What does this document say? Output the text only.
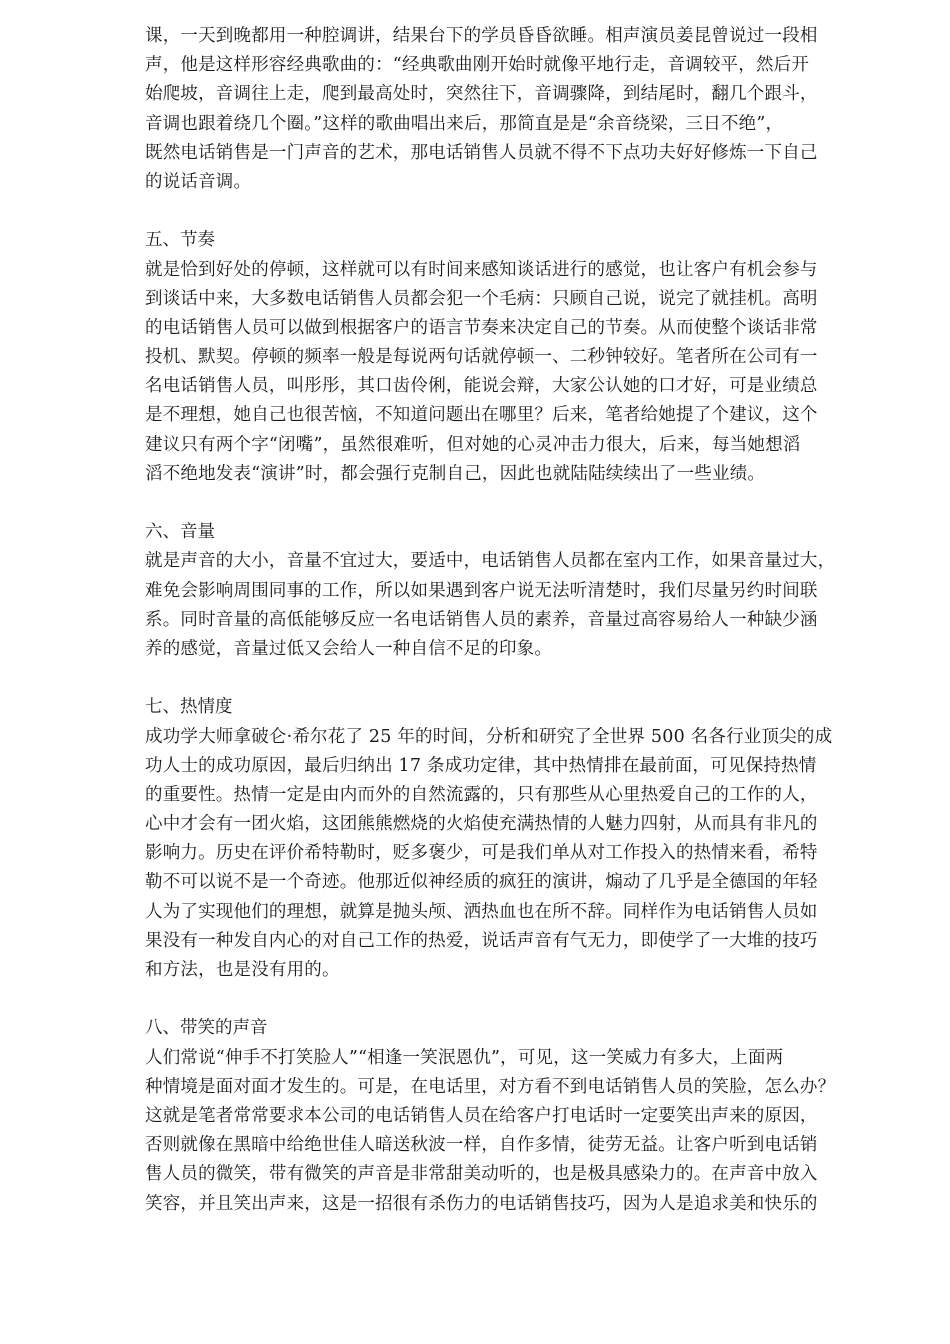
课，一天到晚都用一种腔调讲，结果台下的学员昏昏欲睡。相声演员姜昆曾说过一段相
声，他是这样形容经典歌曲的：“经典歌曲刚开始时就像平地行走，音调较平，然后开
始爬坡，音调往上走，爬到最高处时，突然往下，音调骤降，到结尾时，翻几个跟斗，
音调也跟着绕几个圈。”这样的歌曲唱出来后，那简直是是“余音绕梁，三日不绝”，
既然电话销售是一门声音的艺术，那电话销售人员就不得不下点功夫好好修炼一下自己
的说话音调。
五、节奏
就是恰到好处的停顿，这样就可以有时间来感知谈话进行的感觉，也让客户有机会参与
到谈话中来，大多数电话销售人员都会犯一个毛病：只顾自己说，说完了就挂机。高明
的电话销售人员可以做到根据客户的语言节奏来决定自己的节奏。从而使整个谈话非常
投机、默契。停顿的频率一般是每说两句话就停顿一、二秒钟较好。笔者所在公司有一
名电话销售人员，叫彤彤，其口齿伶俐，能说会辩，大家公认她的口才好，可是业绩总
是不理想，她自己也很苦恼，不知道问题出在哪里？后来，笔者给她提了个建议，这个
建议只有两个字“闭嘴”，虽然很难听，但对她的心灵冲击力很大，后来，每当她想滔
滔不绝地发表“演讲”时，都会强行克制自己，因此也就陆陆续续出了一些业绩。
六、音量
就是声音的大小，音量不宜过大，要适中，电话销售人员都在室内工作，如果音量过大，
难免会影响周围同事的工作，所以如果遇到客户说无法听清楚时，我们尽量另约时间联
系。同时音量的高低能够反应一名电话销售人员的素养，音量过高容易给人一种缺少涵
养的感觉，音量过低又会给人一种自信不足的印象。
七、热情度
成功学大师拿破仑·希尔花了 25 年的时间，分析和研究了全世界 500 名各行业顶尖的成
功人士的成功原因，最后归纳出 17 条成功定律，其中热情排在最前面，可见保持热情
的重要性。热情一定是由内而外的自然流露的，只有那些从心里热爱自己的工作的人，
心中才会有一团火焰，这团熊熊燃烧的火焰使充满热情的人魅力四射，从而具有非凡的
影响力。历史在评价希特勒时，贬多褒少，可是我们单从对工作投入的热情来看，希特
勒不可以说不是一个奇迹。他那近似神经质的疯狂的演讲，煽动了几乎是全德国的年轻
人为了实现他们的理想，就算是抛头颅、洒热血也在所不辞。同样作为电话销售人员如
果没有一种发自内心的对自己工作的热爱，说话声音有气无力，即使学了一大堆的技巧
和方法，也是没有用的。
八、带笑的声音
人们常说“伸手不打笑脸人”“相逢一笑泯恩仇”，可见，这一笑威力有多大，上面两
种情境是面对面才发生的。可是，在电话里，对方看不到电话销售人员的笑脸，怎么办？
这就是笔者常常要求本公司的电话销售人员在给客户打电话时一定要笑出声来的原因，
否则就像在黑暗中给绝世佳人暗送秋波一样，自作多情，徒劳无益。让客户听到电话销
售人员的微笑，带有微笑的声音是非常甜美动听的，也是极具感染力的。在声音中放入
笑容，并且笑出声来，这是一招很有杀伤力的电话销售技巧，因为人是追求美和快乐的
